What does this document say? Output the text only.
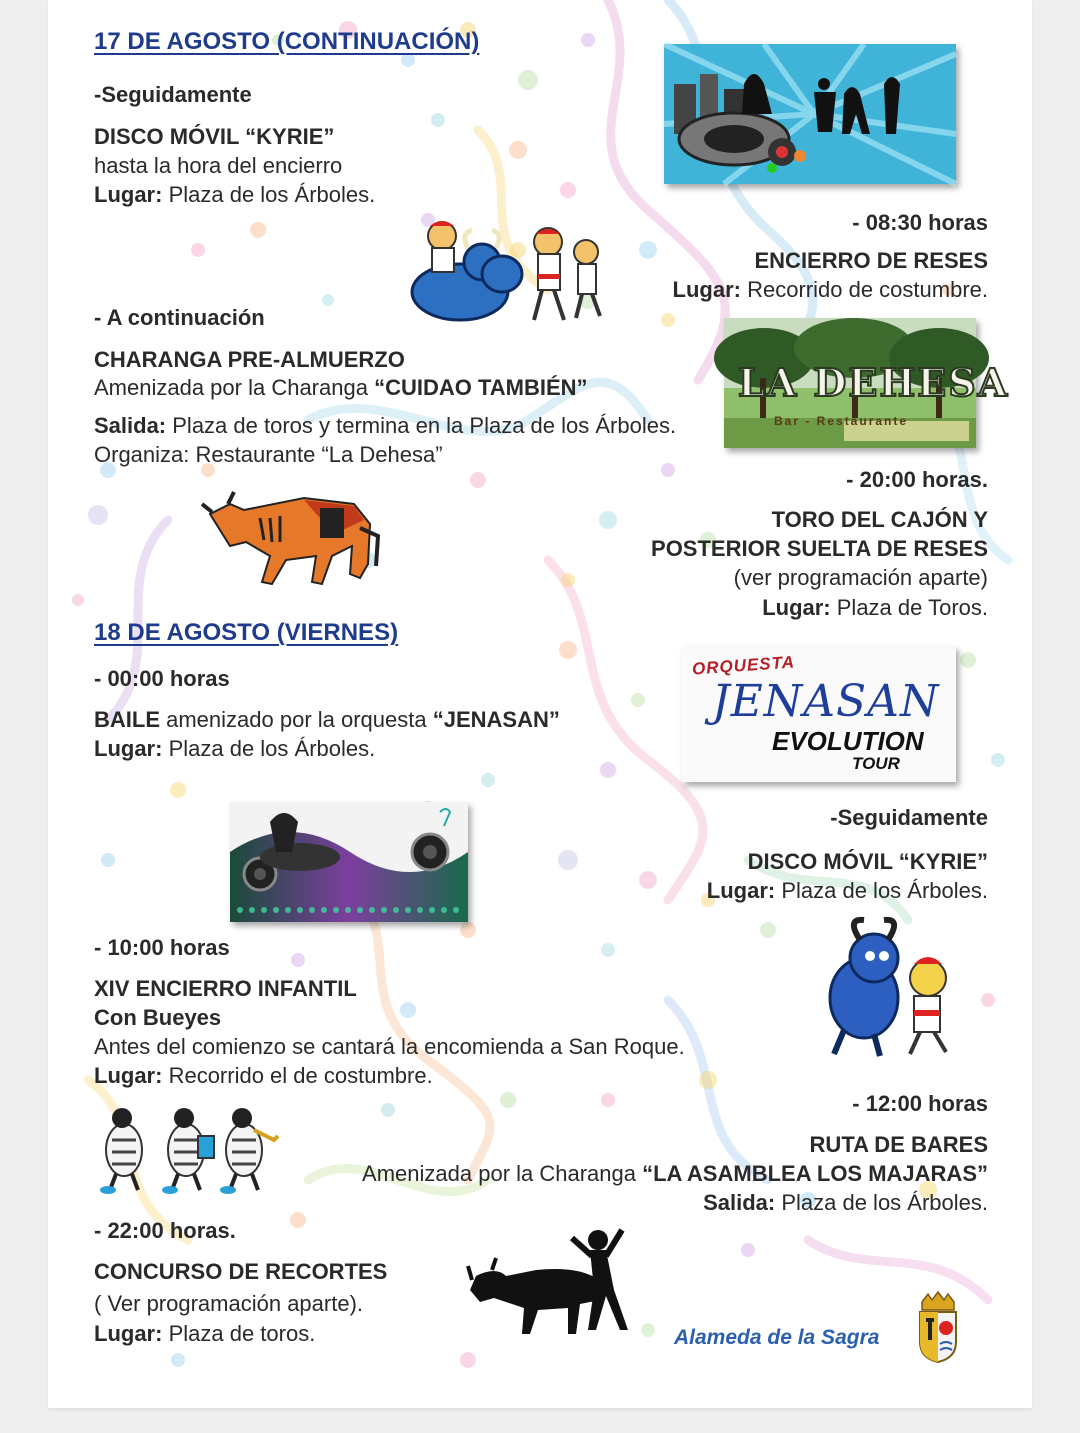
17 DE AGOSTO (CONTINUACIÓN)
-Seguidamente
DISCO MÓVIL “KYRIE”
hasta la hora del encierro
Lugar: Plaza de los Árboles.
- 08:30 horas
ENCIERRO DE RESES
Lugar: Recorrido de costumbre.
- A continuación
CHARANGA PRE-ALMUERZO
Amenizada por la Charanga “CUIDAO TAMBIÉN”
Salida: Plaza de toros y termina en la Plaza de los Árboles.
Organiza: Restaurante “La Dehesa”
LA DEHESA
Bar - Restaurante
- 20:00 horas.
TORO DEL CAJÓN Y
POSTERIOR SUELTA DE RESES
(ver programación aparte)
Lugar: Plaza de Toros.
18 DE AGOSTO (VIERNES)
- 00:00 horas
BAILE amenizado por la orquesta “JENASAN”
Lugar: Plaza de los Árboles.
ORQUESTA
JENASAN
EVOLUTION
TOUR
-Seguidamente
DISCO MÓVIL “KYRIE”
Lugar: Plaza de los Árboles.
- 10:00 horas
XIV ENCIERRO INFANTIL
Con Bueyes
Antes del comienzo se cantará la encomienda a San Roque.
Lugar: Recorrido el de costumbre.
- 12:00 horas
RUTA DE BARES
Amenizada por la Charanga “LA ASAMBLEA LOS MAJARAS”
Salida: Plaza de los Árboles.
- 22:00 horas.
CONCURSO DE RECORTES
( Ver programación aparte).
Lugar: Plaza de toros.	Alameda de la Sagra
